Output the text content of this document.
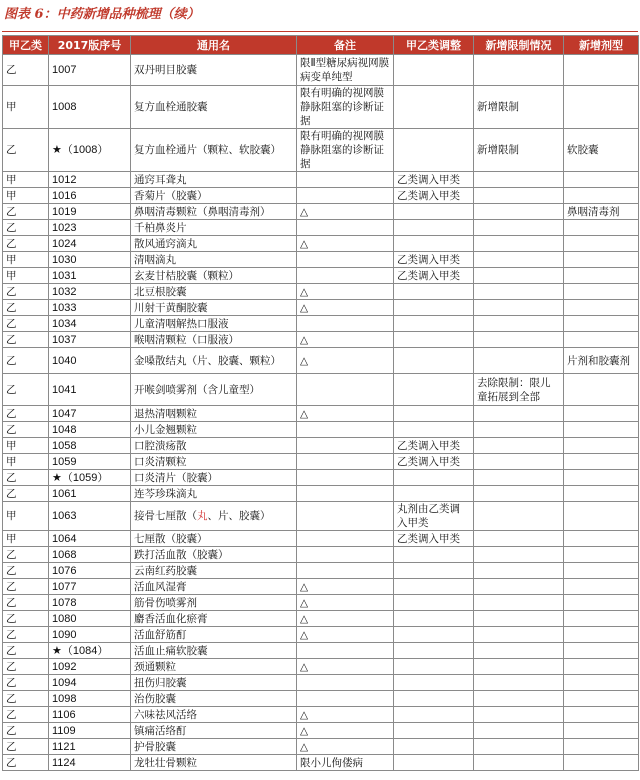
图表 6：中药新增品种梳理（续）
甲乙类	2017版序号	通用名	备注	甲乙类调整	新增限制情况	新增剂型
乙	1007	双丹明目胶囊	限Ⅱ型糖尿病视网膜病变单纯型			
甲	1008	复方血栓通胶囊	限有明确的视网膜静脉阻塞的诊断证据		新增限制	
乙	★（1008）	复方血栓通片（颗粒、软胶囊）	限有明确的视网膜静脉阻塞的诊断证据		新增限制	软胶囊
甲	1012	通窍耳聋丸		乙类调入甲类		
甲	1016	香菊片（胶囊）		乙类调入甲类		
乙	1019	鼻咽清毒颗粒（鼻咽清毒剂）	△			鼻咽清毒剂
乙	1023	千柏鼻炎片				
乙	1024	散风通窍滴丸	△			
甲	1030	清咽滴丸		乙类调入甲类		
甲	1031	玄麦甘桔胶囊（颗粒）		乙类调入甲类		
乙	1032	北豆根胶囊	△			
乙	1033	川射干黄酮胶囊	△			
乙	1034	儿童清咽解热口服液				
乙	1037	喉咽清颗粒（口服液）	△			
乙	1040	金嗓散结丸（片、胶囊、颗粒）	△			片剂和胶囊剂
乙	1041	开喉剑喷雾剂（含儿童型）			去除限制：限儿童拓展到全部	
乙	1047	退热清咽颗粒	△			
乙	1048	小儿金翘颗粒				
甲	1058	口腔溃疡散		乙类调入甲类		
甲	1059	口炎清颗粒		乙类调入甲类		
乙	★（1059）	口炎清片（胶囊）				
乙	1061	连芩珍珠滴丸				
甲	1063	接骨七厘散（丸、片、胶囊）		丸剂由乙类调入甲类		
甲	1064	七厘散（胶囊）		乙类调入甲类		
乙	1068	跌打活血散（胶囊）				
乙	1076	云南红药胶囊				
乙	1077	活血风湿膏	△			
乙	1078	筋骨伤喷雾剂	△			
乙	1080	麝香活血化瘀膏	△			
乙	1090	活血舒筋酊	△			
乙	★（1084）	活血止痛软胶囊				
乙	1092	颈通颗粒	△			
乙	1094	扭伤归胶囊				
乙	1098	治伤胶囊				
乙	1106	六味祛风活络	△			
乙	1109	镇痛活络酊	△			
乙	1121	护骨胶囊	△			
乙	1124	龙牡壮骨颗粒	限小儿佝偻病			
